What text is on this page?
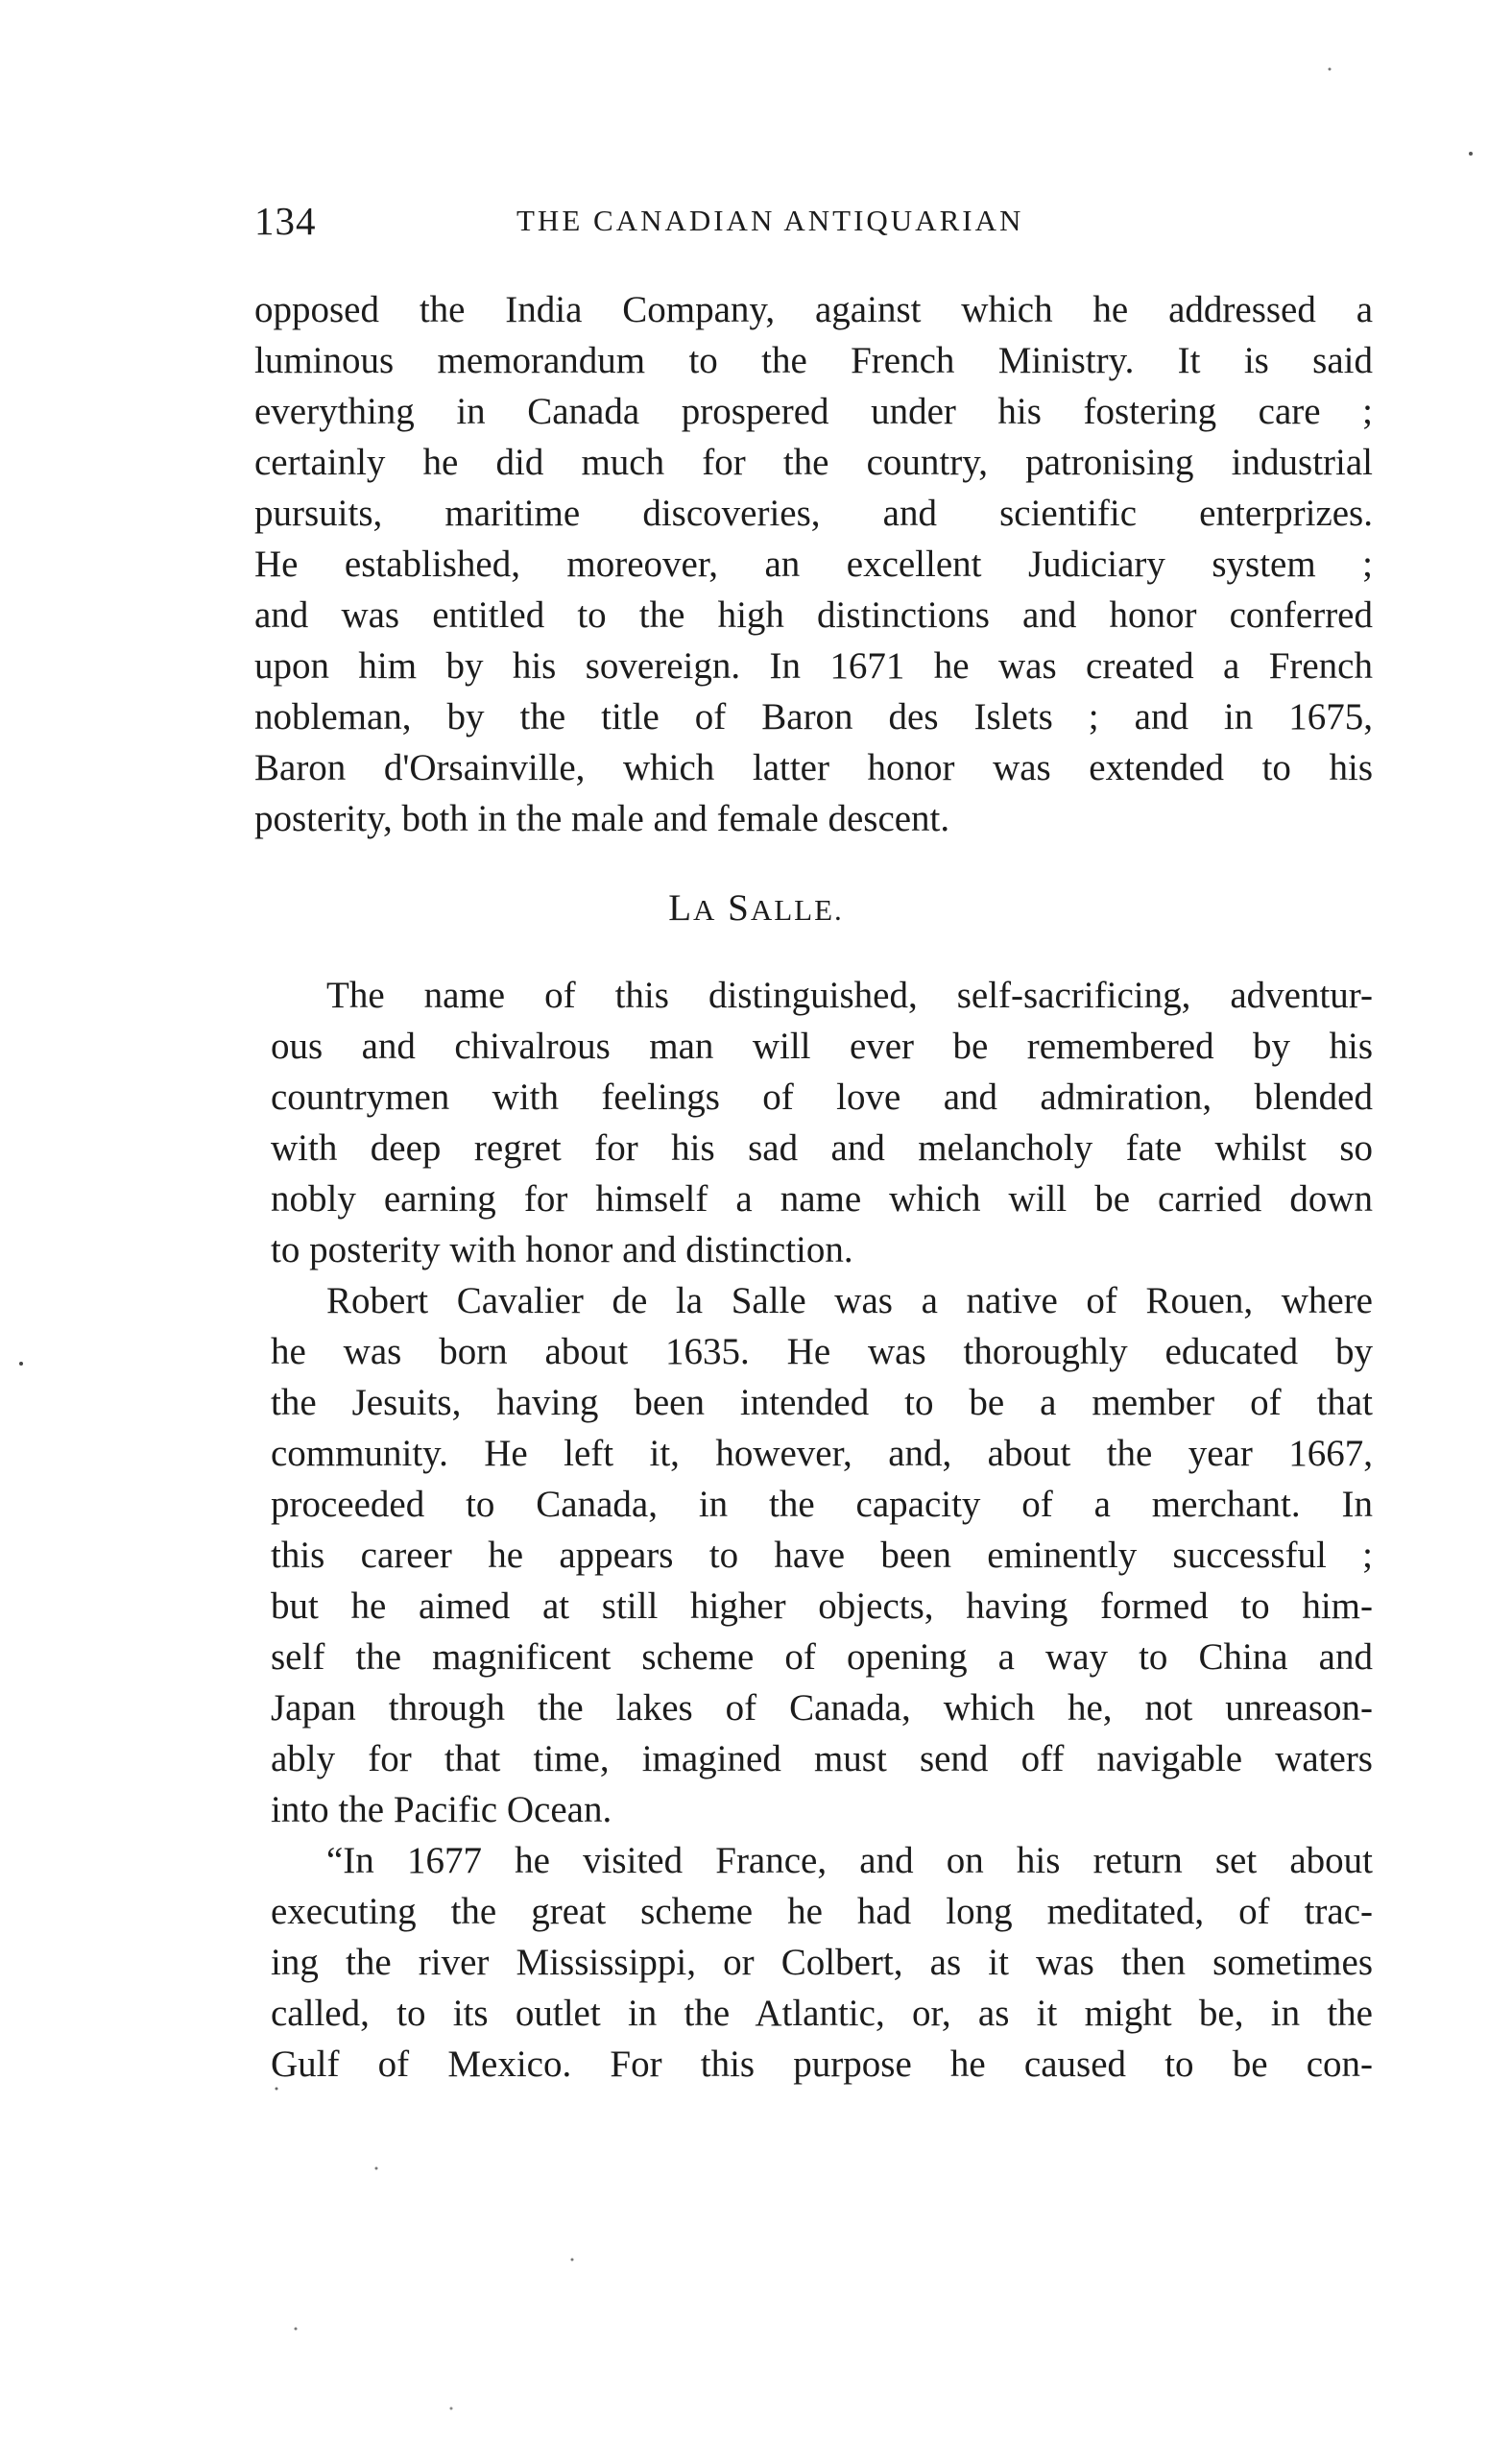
134	THE CANADIAN ANTIQUARIAN
opposed the India Company, against which he addressed a
luminous memorandum to the French Ministry. It is said
everything in Canada prospered under his fostering care ;
certainly he did much for the country, patronising industrial
pursuits, maritime discoveries, and scientific enterprizes.
He established, moreover, an excellent Judiciary system ;
and was entitled to the high distinctions and honor conferred
upon him by his sovereign. In 1671 he was created a French
nobleman, by the title of Baron des Islets ; and in 1675,
Baron d'Orsainville, which latter honor was extended to his
posterity, both in the male and female descent.
LA SALLE.
The name of this distinguished, self-sacrificing, adventur-
ous and chivalrous man will ever be remembered by his
countrymen with feelings of love and admiration, blended
with deep regret for his sad and melancholy fate whilst so
nobly earning for himself a name which will be carried down
to posterity with honor and distinction.
Robert Cavalier de la Salle was a native of Rouen, where
he was born about 1635. He was thoroughly educated by
the Jesuits, having been intended to be a member of that
community. He left it, however, and, about the year 1667,
proceeded to Canada, in the capacity of a merchant. In
this career he appears to have been eminently successful ;
but he aimed at still higher objects, having formed to him-
self the magnificent scheme of opening a way to China and
Japan through the lakes of Canada, which he, not unreason-
ably for that time, imagined must send off navigable waters
into the Pacific Ocean.
“In 1677 he visited France, and on his return set about
executing the great scheme he had long meditated, of trac-
ing the river Mississippi, or Colbert, as it was then sometimes
called, to its outlet in the Atlantic, or, as it might be, in the
Gulf of Mexico. For this purpose he caused to be con-
